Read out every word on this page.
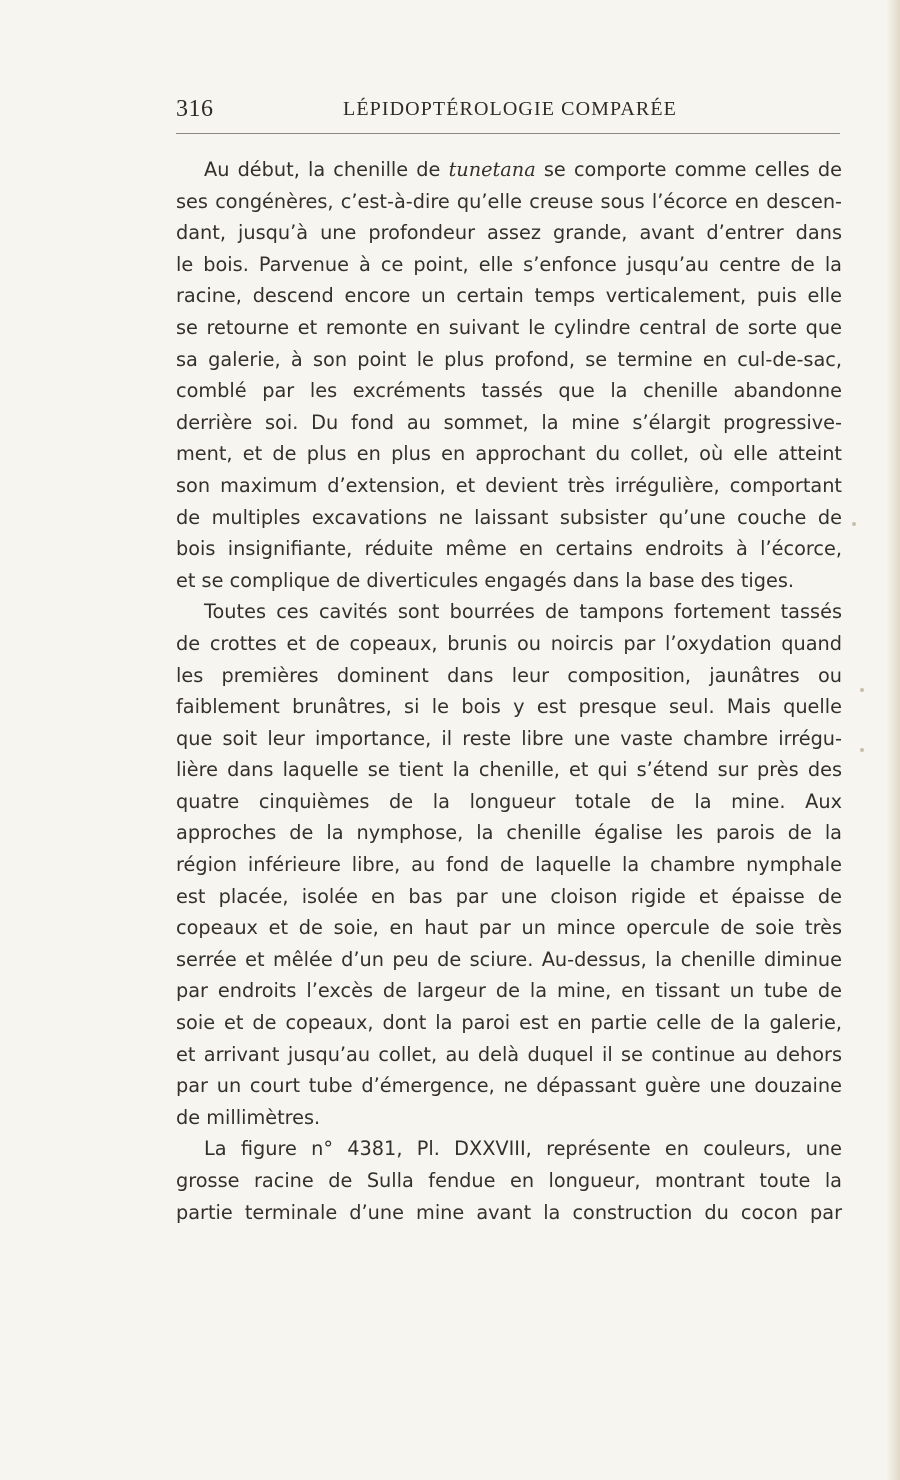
316	LÉPIDOPTÉROLOGIE COMPARÉE
Au début, la chenille de tunetana se comporte comme celles de
ses congénères, c’est-à-dire qu’elle creuse sous l’écorce en descen-
dant, jusqu’à une profondeur assez grande, avant d’entrer dans
le bois. Parvenue à ce point, elle s’enfonce jusqu’au centre de la
racine, descend encore un certain temps verticalement, puis elle
se retourne et remonte en suivant le cylindre central de sorte que
sa galerie, à son point le plus profond, se termine en cul-de-sac,
comblé par les excréments tassés que la chenille abandonne
derrière soi. Du fond au sommet, la mine s’élargit progressive-
ment, et de plus en plus en approchant du collet, où elle atteint
son maximum d’extension, et devient très irrégulière, comportant
de multiples excavations ne laissant subsister qu’une couche de
bois insignifiante, réduite même en certains endroits à l’écorce,
et se complique de diverticules engagés dans la base des tiges.
Toutes ces cavités sont bourrées de tampons fortement tassés
de crottes et de copeaux, brunis ou noircis par l’oxydation quand
les premières dominent dans leur composition, jaunâtres ou
faiblement brunâtres, si le bois y est presque seul. Mais quelle
que soit leur importance, il reste libre une vaste chambre irrégu-
lière dans laquelle se tient la chenille, et qui s’étend sur près des
quatre cinquièmes de la longueur totale de la mine. Aux
approches de la nymphose, la chenille égalise les parois de la
région inférieure libre, au fond de laquelle la chambre nymphale
est placée, isolée en bas par une cloison rigide et épaisse de
copeaux et de soie, en haut par un mince opercule de soie très
serrée et mêlée d’un peu de sciure. Au-dessus, la chenille diminue
par endroits l’excès de largeur de la mine, en tissant un tube de
soie et de copeaux, dont la paroi est en partie celle de la galerie,
et arrivant jusqu’au collet, au delà duquel il se continue au dehors
par un court tube d’émergence, ne dépassant guère une douzaine
de millimètres.
La figure n° 4381, Pl. DXXVIII, représente en couleurs, une
grosse racine de Sulla fendue en longueur, montrant toute la
partie terminale d’une mine avant la construction du cocon par
